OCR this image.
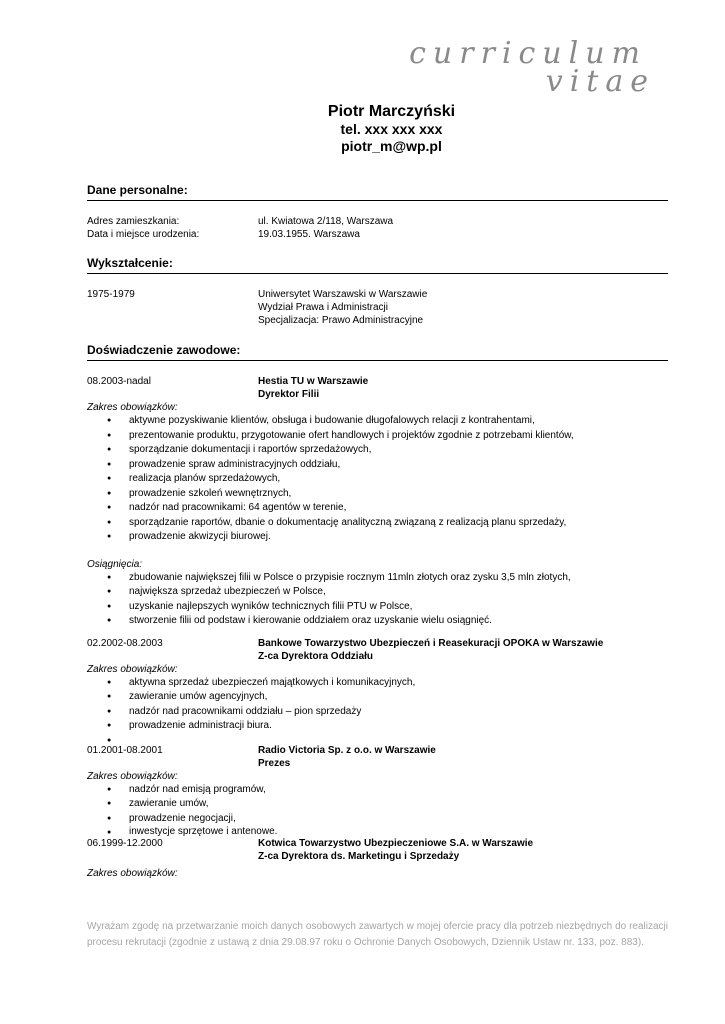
curriculum

vitae
Piotr Marczyński
tel. xxx xxx xxx
piotr_m@wp.pl
Dane personalne:
Adres zamieszkania:	ul. Kwiatowa 2/118, Warszawa
Data i miejsce urodzenia:	19.03.1955. Warszawa
Wykształcenie:
1975-1979	Uniwersytet Warszawski w Warszawie
Wydział Prawa i Administracji
Specjalizacja: Prawo Administracyjne
Doświadczenie zawodowe:
08.2003-nadal	Hestia TU w Warszawie
Dyrektor Filii
Zakres obowiązków:
● aktywne pozyskiwanie klientów, obsługa i budowanie długofalowych relacji z kontrahentami,
● prezentowanie produktu, przygotowanie ofert handlowych i projektów zgodnie z potrzebami klientów,
● sporządzanie dokumentacji i raportów sprzedażowych,
● prowadzenie spraw administracyjnych oddziału,
● realizacja planów sprzedażowych,
● prowadzenie szkoleń wewnętrznych,
● nadzór nad pracownikami: 64 agentów w terenie,
● sporządzanie raportów, dbanie o dokumentację analityczną związaną z realizacją planu sprzedaży,
● prowadzenie akwizycji biurowej.
Osiągnięcia:
● zbudowanie największej filii w Polsce o przypisie rocznym 11mln złotych oraz zysku 3,5 mln złotych,
● największa sprzedaż ubezpieczeń w Polsce,
● uzyskanie najlepszych wyników technicznych filii PTU w Polsce,
● stworzenie filii od podstaw i kierowanie oddziałem oraz uzyskanie wielu osiągnięć.
02.2002-08.2003	Bankowe Towarzystwo Ubezpieczeń i Reasekuracji OPOKA w Warszawie
Z-ca Dyrektora Oddziału
Zakres obowiązków:
● aktywna sprzedaż ubezpieczeń majątkowych i komunikacyjnych,
● zawieranie umów agencyjnych,
● nadzór nad pracownikami oddziału – pion sprzedaży
● prowadzenie administracji biura.
●
01.2001-08.2001	Radio Victoria Sp. z o.o. w Warszawie
Prezes
Zakres obowiązków:
● nadzór nad emisją programów,
● zawieranie umów,
● prowadzenie negocjacji,
● inwestycje sprzętowe i antenowe.
06.1999-12.2000	Kotwica Towarzystwo Ubezpieczeniowe S.A. w Warszawie
Z-ca Dyrektora ds. Marketingu i Sprzedaży
Zakres obowiązków:
Wyrażam zgodę na przetwarzanie moich danych osobowych zawartych w mojej ofercie pracy dla potrzeb niezbędnych do realizacji procesu rekrutacji (zgodnie z ustawą z dnia 29.08.97 roku o Ochronie Danych Osobowych, Dziennik Ustaw nr. 133, poz. 883).
